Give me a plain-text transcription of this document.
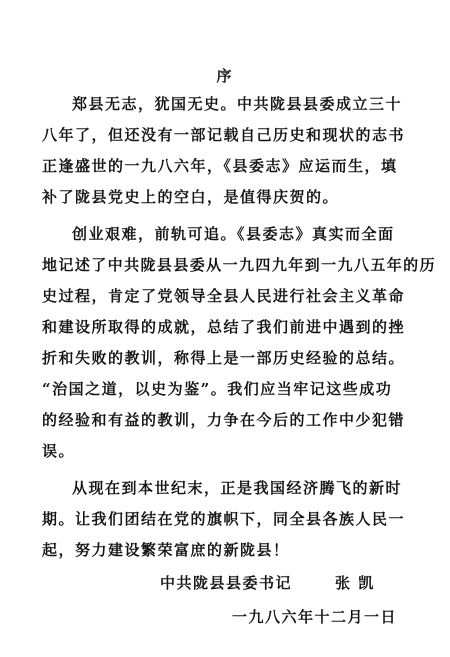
序
郑县无志，犹国无史。中共陇县县委成立三十
八年了，但还没有一部记载自己历史和现状的志书
正逢盛世的一九八六年，《县委志》应运而生，填
补了陇县党史上的空白，是值得庆贺的。
创业艰难，前轨可追。《县委志》真实而全面
地记述了中共陇县县委从一九四九年到一九八五年的历
史过程，肯定了党领导全县人民进行社会主义革命
和建设所取得的成就，总结了我们前进中遇到的挫
折和失败的教训，称得上是一部历史经验的总结。
“治国之道，以史为鉴”。我们应当牢记这些成功
的经验和有益的教训，力争在今后的工作中少犯错
误。
从现在到本世纪末，正是我国经济腾飞的新时
期。让我们团结在党的旗帜下，同全县各族人民一
起，努力建设繁荣富庶的新陇县！
中共陇县县委书记	张 凯
一九八六年十二月一日
